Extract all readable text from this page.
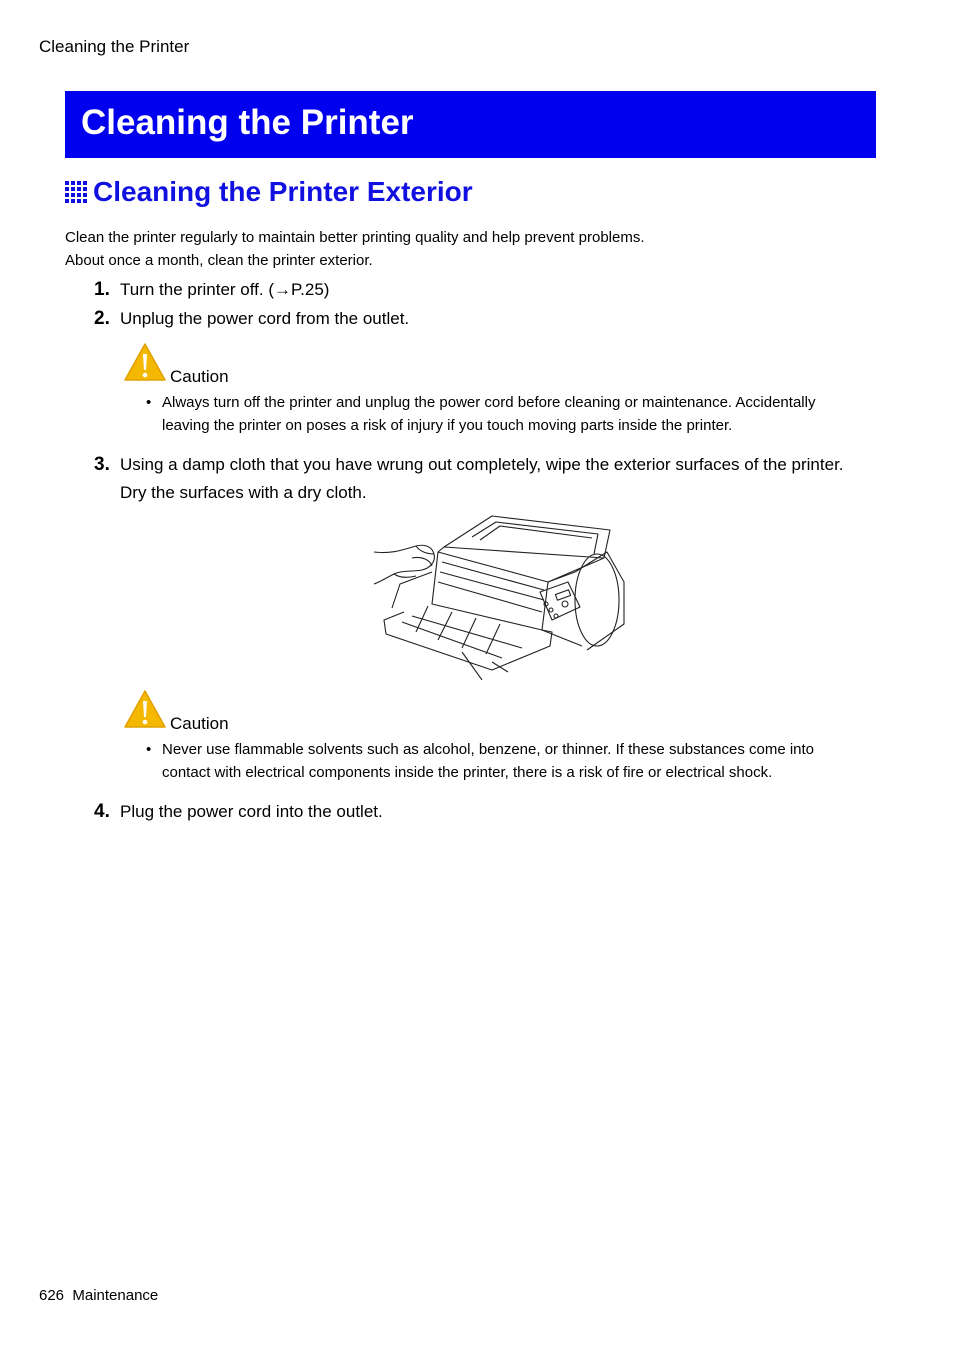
Cleaning the Printer
Cleaning the Printer
Cleaning the Printer Exterior
Clean the printer regularly to maintain better printing quality and help prevent problems.
About once a month, clean the printer exterior.
1. Turn the printer off. (→P.25)
2. Unplug the power cord from the outlet.
Caution
• Always turn off the printer and unplug the power cord before cleaning or maintenance. Accidentally
leaving the printer on poses a risk of injury if you touch moving parts inside the printer.
3. Using a damp cloth that you have wrung out completely, wipe the exterior surfaces of the printer.
Dry the surfaces with a dry cloth.
Caution
• Never use flammable solvents such as alcohol, benzene, or thinner. If these substances come into
contact with electrical components inside the printer, there is a risk of fire or electrical shock.
4. Plug the power cord into the outlet.
626 Maintenance
